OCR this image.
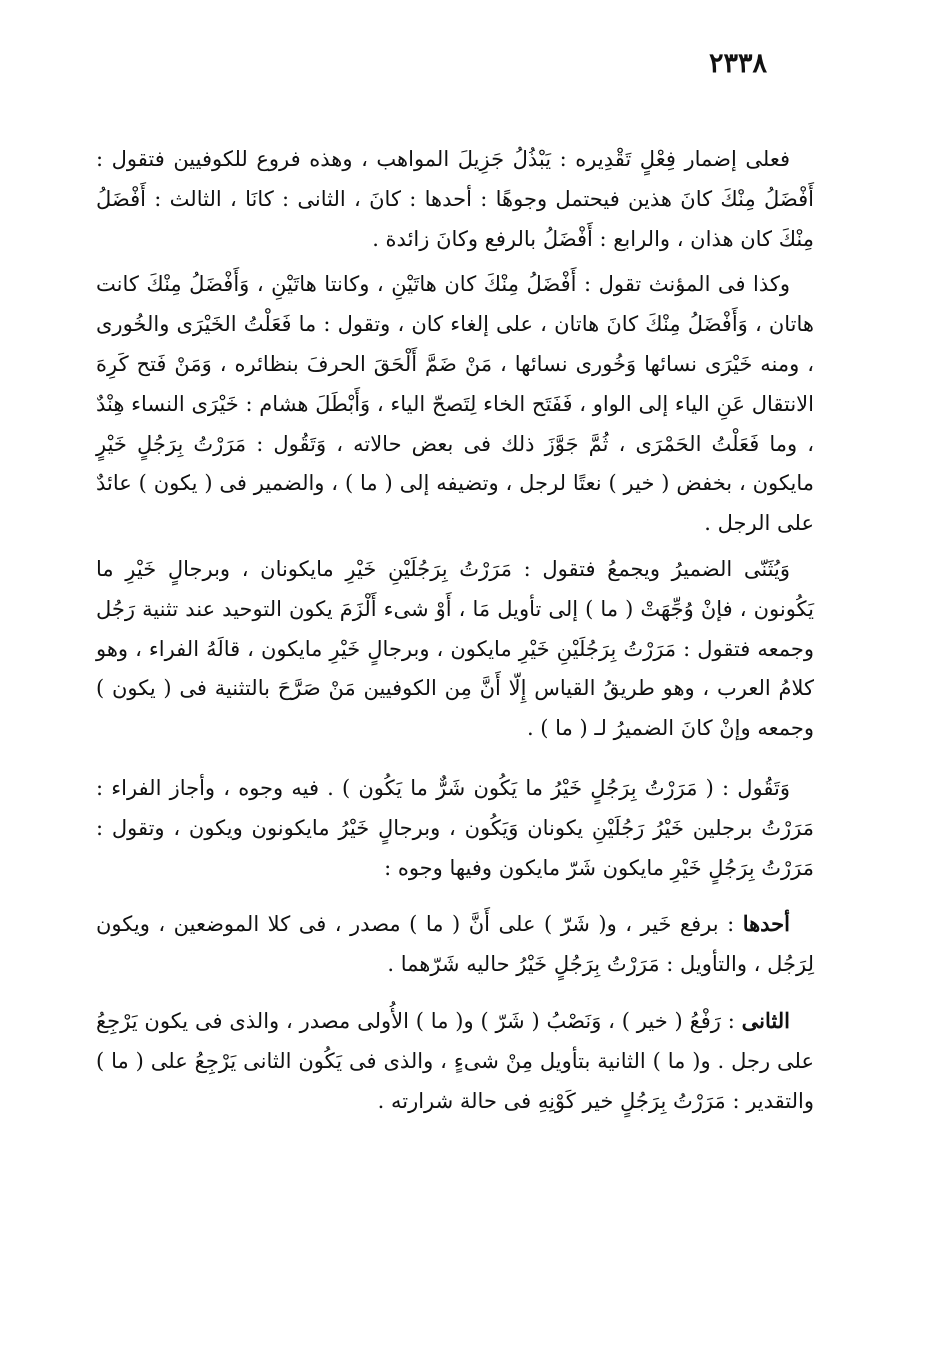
٢٣٣٨

فعلى إضمار فِعْلٍ تَقْدِيره : يَبْذُلُ جَزِيلَ المواهب ، وهذه فروع للكوفيين فتقول : أَفْضَلُ مِنْكَ كانَ هذين فيحتمل وجوهًا : أحدها : كانَ ، الثانى : كانَا ، الثالث : أَفْضَلُ مِنْكَ كان هذان ، والرابع : أَفْضَلُ بالرفع وكانَ زائدة .

وكذا فى المؤنث تقول : أَفْضَلُ مِنْكَ كان هاتَيْنِ ، وكانتا هاتَيْنِ ، وَأَفْضَلُ مِنْكَ كانت هاتان ، وَأَفْضَلُ مِنْكَ كانَ هاتان ، على إلغاء كان ، وتقول : ما فَعَلْتُ الخَيْرَى والخُورى ، ومنه خَيْرَى نسائها وَخُورى نسائها ، مَنْ ضَمَّ أَلْحَقَ الحرفَ بنظائره ، وَمَنْ فَتح كَرِهَ الانتقال عَنِ الياء إلى الواو ، فَفَتَح الخاء لِتَصحّ الياء ، وَأَبْطَلَ هشام : خَيْرَى النساء هِنْدٌ ، وما فَعَلْتُ الحَمْرَى ، ثُمَّ جَوَّزَ ذلك فى بعض حالاته ، وَتَقُول : مَرَرْتُ بِرَجُلٍ خَيْرٍ مايكون ، بخفض ( خير ) نعتًا لرجل ، وتضيفه إلى ( ما ) ، والضمير فى ( يكون ) عائدٌ على الرجل .

وَيُثَنّى الضميرُ ويجمعُ فتقول : مَرَرْتُ بِرَجُلَيْنِ خَيْرِ مايكونان ، وبرجالٍ خَيْرِ ما يَكُونون ، فإنْ وُجِّهَتْ ( ما ) إلى تأويل مَا ، أَوْ شىء أَلْزَمَ يكون التوحيد عند تثنية رَجُل وجمعه فتقول : مَرَرْتُ بِرَجُلَيْنِ خَيْرِ مايكون ، وبرجالٍ خَيْرِ مايكون ، قالَهُ الفراء ، وهو كلامُ العرب ، وهو طريقُ القياس إِلّا أَنَّ مِن الكوفيين مَنْ صَرَّحَ بالتثنية فى ( يكون ) وجمعه وإنْ كانَ الضميرُ لـ ( ما ) .

وَتَقُول : ( مَرَرْتُ بِرَجُلٍ خَيْرُ ما يَكُون شَرٌّ ما يَكُون ) . فيه وجوه ، وأجاز الفراء : مَرَرْتُ برجلين خَيْرُ رَجُلَيْنِ يكونان وَيَكُون ، وبرجالٍ خَيْرُ مايكونون ويكون ، وتقول : مَرَرْتُ بِرَجُلٍ خَيْرِ مايكون شَرّ مايكون وفيها وجوه :

أحدها : برفع خَير ، و( شَرّ ) على أَنَّ ( ما ) مصدر ، فى كلا الموضعين ، ويكون لِرَجُل ، والتأويل : مَرَرْتُ بِرَجُلٍ خَيْرُ حاليه شَرّهما .

الثانى : رَفْعُ ( خير ) ، وَنَصْبُ ( شَرّ ) و( ما ) الأُولى مصدر ، والذى فى يكون يَرْجِعُ على رجل . و( ما ) الثانية بتأويل مِنْ شىءٍ ، والذى فى يَكُون الثانى يَرْجِعُ على ( ما ) والتقدير : مَرَرْتُ بِرَجُلٍ خير كَوْنِهِ فى حالة شرارته .
